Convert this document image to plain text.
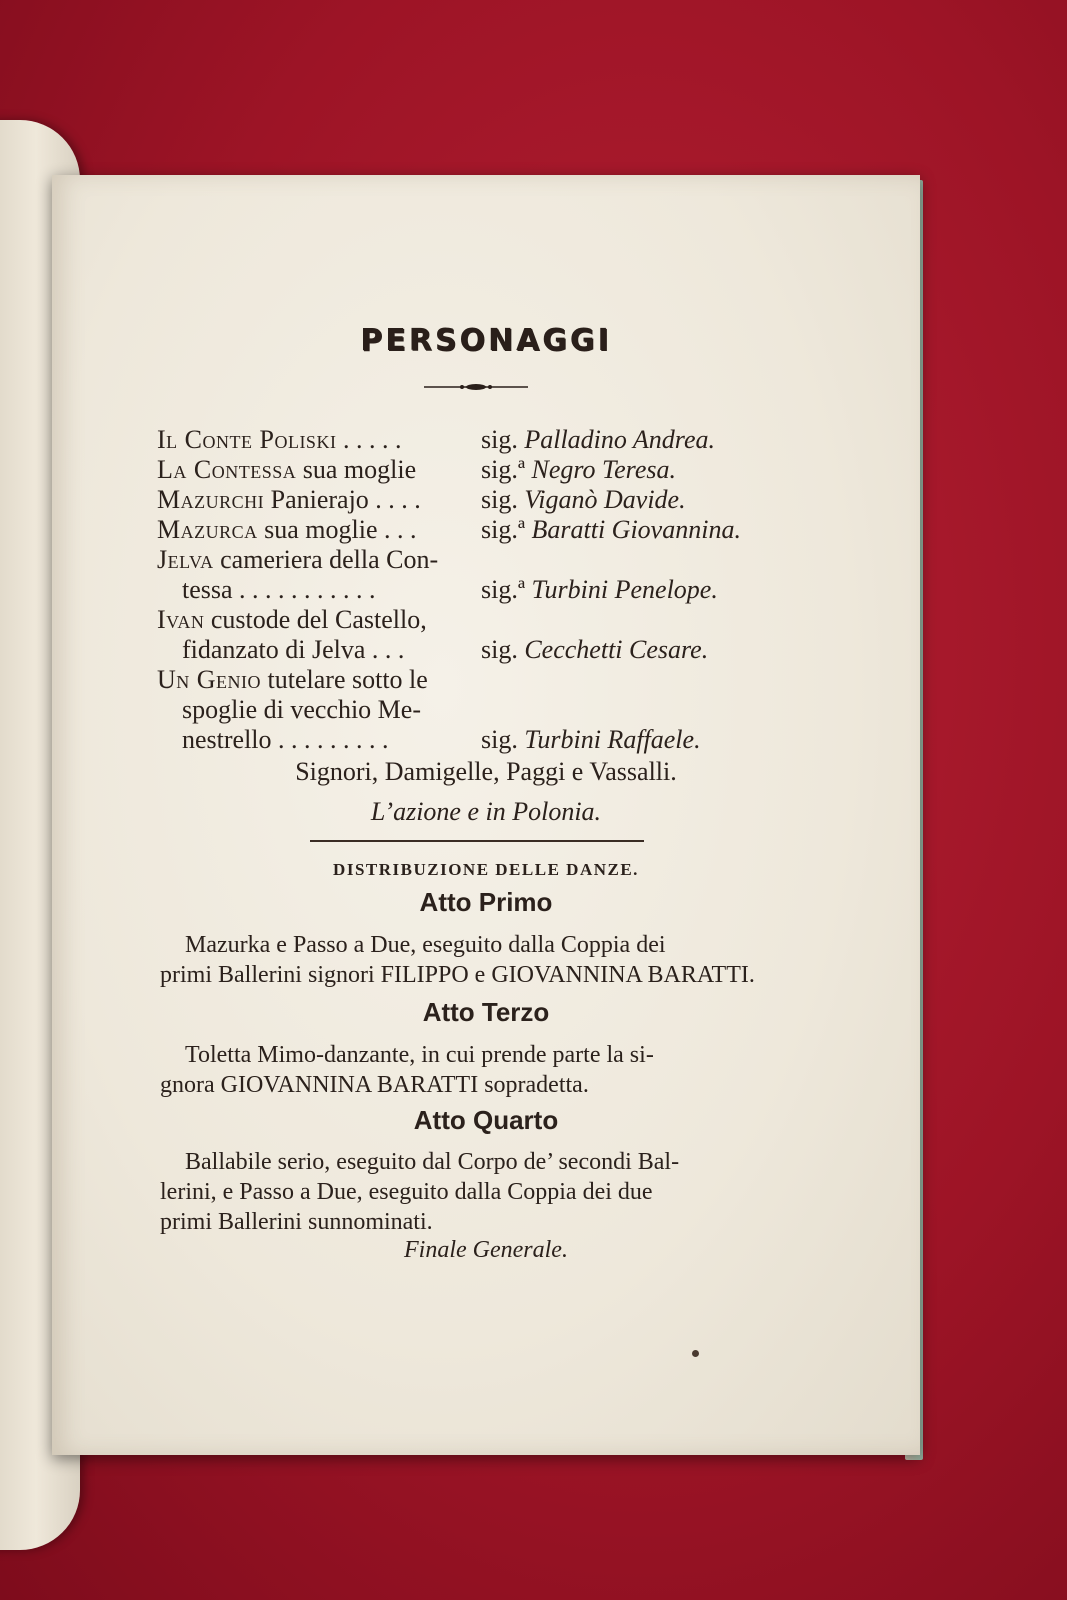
PERSONAGGI
Il Conte Poliski . . . . .	sig. Palladino Andrea.
La Contessa sua moglie	sig.ª Negro Teresa.
Mazurchi Panierajo . . . .	sig. Viganò Davide.
Mazurca sua moglie . . .	sig.ª Baratti Giovannina.
Jelva cameriera della Con-
tessa . . . . . . . . . . .	sig.ª Turbini Penelope.
Ivan custode del Castello,
fidanzato di Jelva . . .	sig. Cecchetti Cesare.
Un Genio tutelare sotto le
spoglie di vecchio Me-
nestrello . . . . . . . . .	sig. Turbini Raffaele.
Signori, Damigelle, Paggi e Vassalli.
L’azione e in Polonia.
DISTRIBUZIONE DELLE DANZE.
Atto Primo
Mazurka e Passo a Due, eseguito dalla Coppia dei
primi Ballerini signori FILIPPO e GIOVANNINA BARATTI.
Atto Terzo
Toletta Mimo-danzante, in cui prende parte la si-
gnora GIOVANNINA BARATTI sopradetta.
Atto Quarto
Ballabile serio, eseguito dal Corpo de’ secondi Bal-
lerini, e Passo a Due, eseguito dalla Coppia dei due
primi Ballerini sunnominati.
Finale Generale.
